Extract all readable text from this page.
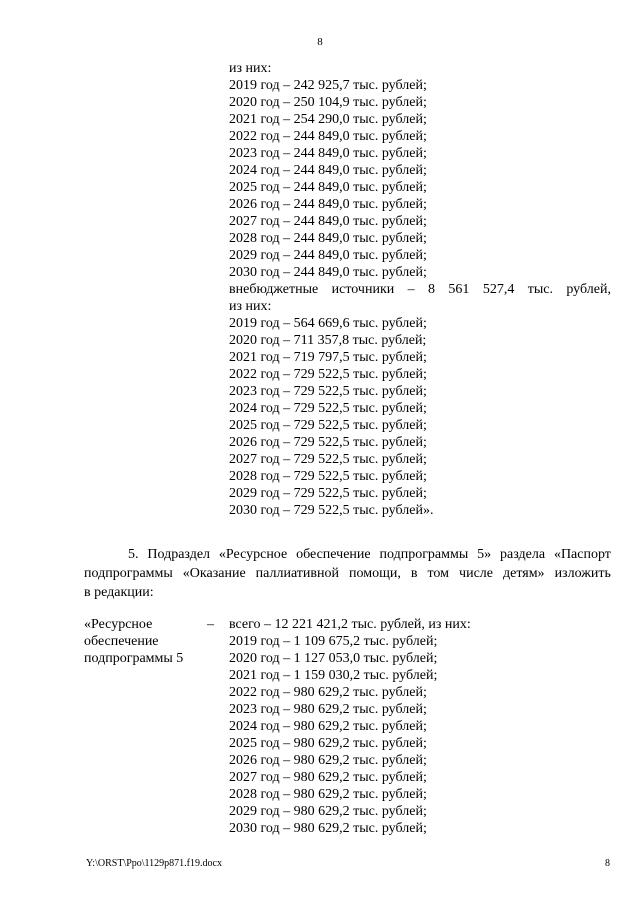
8
из них:
2019 год – 242 925,7 тыс. рублей;
2020 год – 250 104,9 тыс. рублей;
2021 год – 254 290,0 тыс. рублей;
2022 год – 244 849,0 тыс. рублей;
2023 год – 244 849,0 тыс. рублей;
2024 год – 244 849,0 тыс. рублей;
2025 год – 244 849,0 тыс. рублей;
2026 год – 244 849,0 тыс. рублей;
2027 год – 244 849,0 тыс. рублей;
2028 год – 244 849,0 тыс. рублей;
2029 год – 244 849,0 тыс. рублей;
2030 год – 244 849,0 тыс. рублей;
внебюджетные источники – 8 561 527,4 тыс. рублей,
из них:
2019 год – 564 669,6 тыс. рублей;
2020 год – 711 357,8 тыс. рублей;
2021 год – 719 797,5 тыс. рублей;
2022 год – 729 522,5 тыс. рублей;
2023 год – 729 522,5 тыс. рублей;
2024 год – 729 522,5 тыс. рублей;
2025 год – 729 522,5 тыс. рублей;
2026 год – 729 522,5 тыс. рублей;
2027 год – 729 522,5 тыс. рублей;
2028 год – 729 522,5 тыс. рублей;
2029 год – 729 522,5 тыс. рублей;
2030 год – 729 522,5 тыс. рублей».
5. Подраздел «Ресурсное обеспечение подпрограммы 5» раздела «Паспорт
подпрограммы «Оказание паллиативной помощи, в том числе детям» изложить
в редакции:
«Ресурсное
обеспечение
подпрограммы 5
– всего – 12 221 421,2 тыс. рублей, из них:
2019 год – 1 109 675,2 тыс. рублей;
2020 год – 1 127 053,0 тыс. рублей;
2021 год – 1 159 030,2 тыс. рублей;
2022 год – 980 629,2 тыс. рублей;
2023 год – 980 629,2 тыс. рублей;
2024 год – 980 629,2 тыс. рублей;
2025 год – 980 629,2 тыс. рублей;
2026 год – 980 629,2 тыс. рублей;
2027 год – 980 629,2 тыс. рублей;
2028 год – 980 629,2 тыс. рублей;
2029 год – 980 629,2 тыс. рублей;
2030 год – 980 629,2 тыс. рублей;
Y:\ORST\Ppo\1129p871.f19.docx	8
